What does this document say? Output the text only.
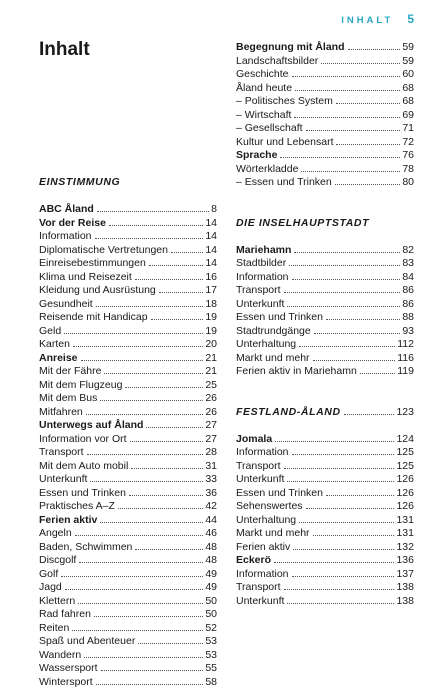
INHALT 5
Inhalt
EINSTIMMUNG
ABC Åland	8
Vor der Reise	14
Information	14
Diplomatische Vertretungen	14
Einreisebestimmungen	14
Klima und Reisezeit	16
Kleidung und Ausrüstung	17
Gesundheit	18
Reisende mit Handicap	19
Geld	19
Karten	20
Anreise	21
Mit der Fähre	21
Mit dem Flugzeug	25
Mit dem Bus	26
Mitfahren	26
Unterwegs auf Åland	27
Information vor Ort	27
Transport	28
Mit dem Auto mobil	31
Unterkunft	33
Essen und Trinken	36
Praktisches A–Z	42
Ferien aktiv	44
Angeln	46
Baden, Schwimmen	48
Discgolf	48
Golf	49
Jagd	49
Klettern	50
Rad fahren	50
Reiten	52
Spaß und Abenteuer	53
Wandern	53
Wassersport	55
Wintersport	58
Begegnung mit Åland	59
Landschaftsbilder	59
Geschichte	60
Åland heute	68
– Politisches System	68
– Wirtschaft	69
– Gesellschaft	71
Kultur und Lebensart	72
Sprache	76
Wörterkladde	78
– Essen und Trinken	80
DIE INSELHAUPTSTADT
Mariehamn	82
Stadtbilder	83
Information	84
Transport	86
Unterkunft	86
Essen und Trinken	88
Stadtrundgänge	93
Unterhaltung	112
Markt und mehr	116
Ferien aktiv in Mariehamn	119
FESTLAND-ÅLAND	123
Jomala	124
Information	125
Transport	125
Unterkunft	126
Essen und Trinken	126
Sehenswertes	126
Unterhaltung	131
Markt und mehr	131
Ferien aktiv	132
Eckerö	136
Information	137
Transport	138
Unterkunft	138
